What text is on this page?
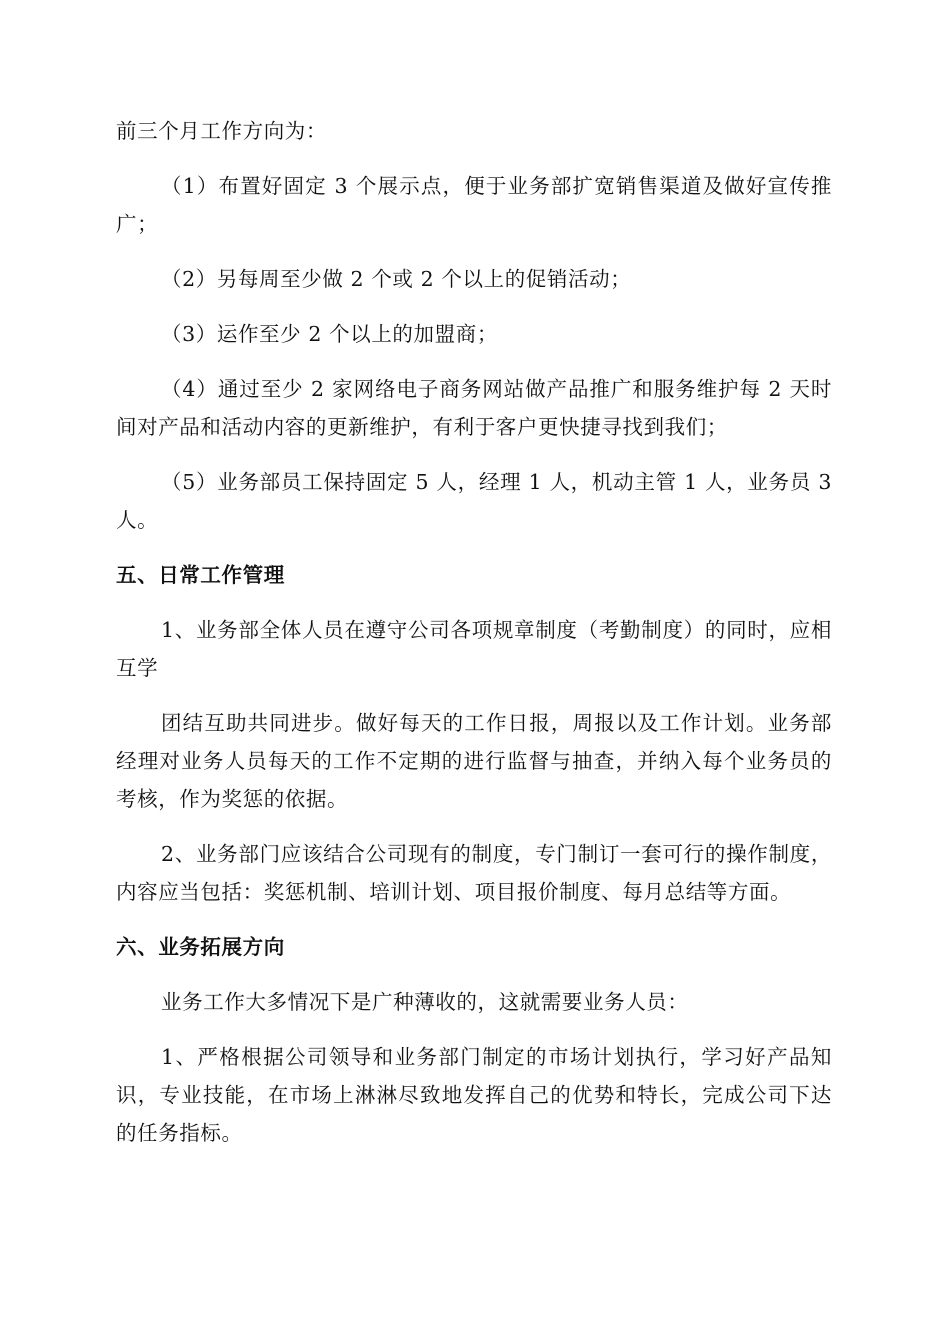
前三个月工作方向为：

（1）布置好固定 3 个展示点，便于业务部扩宽销售渠道及做好宣传推广；

（2）另每周至少做 2 个或 2 个以上的促销活动；

（3）运作至少 2 个以上的加盟商；

（4）通过至少 2 家网络电子商务网站做产品推广和服务维护每 2 天时间对产品和活动内容的更新维护，有利于客户更快捷寻找到我们；

（5）业务部员工保持固定 5 人，经理 1 人，机动主管 1 人，业务员 3 人。

五、日常工作管理

1、业务部全体人员在遵守公司各项规章制度（考勤制度）的同时，应相互学

团结互助共同进步。做好每天的工作日报，周报以及工作计划。业务部经理对业务人员每天的工作不定期的进行监督与抽查，并纳入每个业务员的考核，作为奖惩的依据。

2、业务部门应该结合公司现有的制度，专门制订一套可行的操作制度，内容应当包括：奖惩机制、培训计划、项目报价制度、每月总结等方面。

六、业务拓展方向

业务工作大多情况下是广种薄收的，这就需要业务人员：

1、严格根据公司领导和业务部门制定的市场计划执行，学习好产品知识，专业技能，在市场上淋淋尽致地发挥自己的优势和特长，完成公司下达的任务指标。
